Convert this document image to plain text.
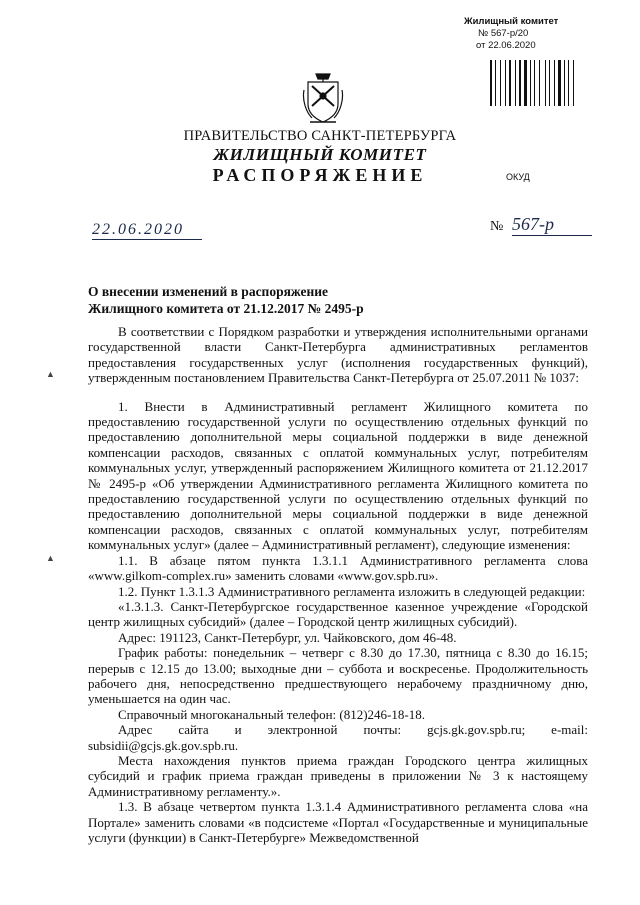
Жилищный комитет
№ 567-р/20
от 22.06.2020
ПРАВИТЕЛЬСТВО САНКТ-ПЕТЕРБУРГА
ЖИЛИЩНЫЙ КОМИТЕТ
РАСПОРЯЖЕНИЕ	ОКУД
22.06.2020	№ 567-р
О внесении изменений в распоряжение
Жилищного комитета от 21.12.2017 № 2495-р
▲
▲

В соответствии с Порядком разработки и утверждения исполнительными органами государственной власти Санкт-Петербурга административных регламентов предоставления государственных услуг (исполнения государственных функций), утвержденным постановлением Правительства Санкт-Петербурга от 25.07.2011 № 1037:

1. Внести в Административный регламент Жилищного комитета по предоставлению государственной услуги по осуществлению отдельных функций по предоставлению дополнительной меры социальной поддержки в виде денежной компенсации расходов, связанных с оплатой коммунальных услуг, потребителям коммунальных услуг, утвержденный распоряжением Жилищного комитета от 21.12.2017 № 2495-р «Об утверждении Административного регламента Жилищного комитета по предоставлению государственной услуги по осуществлению отдельных функций по предоставлению дополнительной меры социальной поддержки в виде денежной компенсации расходов, связанных с оплатой коммунальных услуг, потребителям коммунальных услуг» (далее – Административный регламент), следующие изменения:

1.1. В абзаце пятом пункта 1.3.1.1 Административного регламента слова «www.gilkom-complex.ru» заменить словами «www.gov.spb.ru».

1.2. Пункт 1.3.1.3 Административного регламента изложить в следующей редакции:

«1.3.1.3. Санкт-Петербургское государственное казенное учреждение «Городской центр жилищных субсидий» (далее – Городской центр жилищных субсидий).

Адрес: 191123, Санкт-Петербург, ул. Чайковского, дом 46-48.

График работы: понедельник – четверг с 8.30 до 17.30, пятница с 8.30 до 16.15; перерыв с 12.15 до 13.00; выходные дни – суббота и воскресенье. Продолжительность рабочего дня, непосредственно предшествующего нерабочему праздничному дню, уменьшается на один час.

Справочный многоканальный телефон: (812)246-18-18.

Адрес сайта и электронной почты: gcjs.gk.gov.spb.ru; e-mail: subsidii@gcjs.gk.gov.spb.ru.

Места нахождения пунктов приема граждан Городского центра жилищных субсидий и график приема граждан приведены в приложении № 3 к настоящему Административному регламенту.».

1.3. В абзаце четвертом пункта 1.3.1.4 Административного регламента слова «на Портале» заменить словами «в подсистеме «Портал «Государственные и муниципальные услуги (функции) в Санкт-Петербурге» Межведомственной
